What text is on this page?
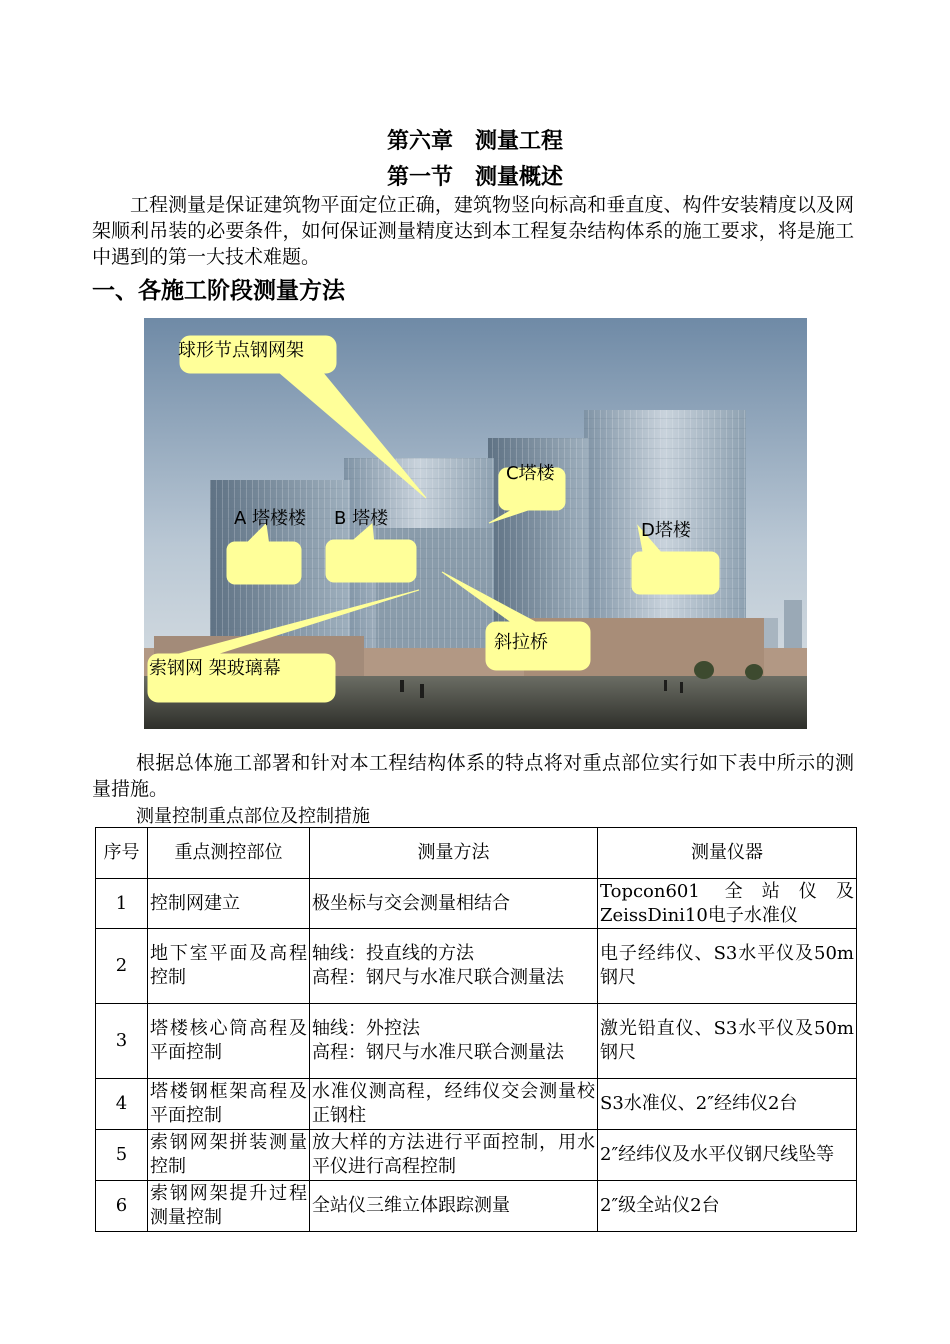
第六章　测量工程
第一节　测量概述

工程测量是保证建筑物平面定位正确，建筑物竖向标高和垂直度、构件安装精度以及网架顺利吊装的必要条件，如何保证测量精度达到本工程复杂结构体系的施工要求，将是施工中遇到的第一大技术难题。

一、各施工阶段测量方法
球形节点钢网架
C塔楼
A 塔楼楼 B 塔楼
D塔楼
斜拉桥
索钢网 架玻璃幕

根据总体施工部署和针对本工程结构体系的特点将对重点部位实行如下表中所示的测量措施。

测量控制重点部位及控制措施
序号	重点测控部位	测量方法	测量仪器
1	控制网建立	极坐标与交会测量相结合	Topcon601 全站仪及ZeissDini10电子水准仪
2	地下室平面及高程控制	轴线：投直线的方法
高程：钢尺与水准尺联合测量法	电子经纬仪、S3水平仪及50m钢尺
3	塔楼核心筒高程及平面控制	轴线：外控法
高程：钢尺与水准尺联合测量法	激光铅直仪、S3水平仪及50m钢尺
4	塔楼钢框架高程及平面控制	水准仪测高程，经纬仪交会测量校正钢柱	S3水准仪、2″经纬仪2台
5	索钢网架拼装测量控制	放大样的方法进行平面控制，用水平仪进行高程控制	2″经纬仪及水平仪钢尺线坠等
6	索钢网架提升过程测量控制	全站仪三维立体跟踪测量	2″级全站仪2台
